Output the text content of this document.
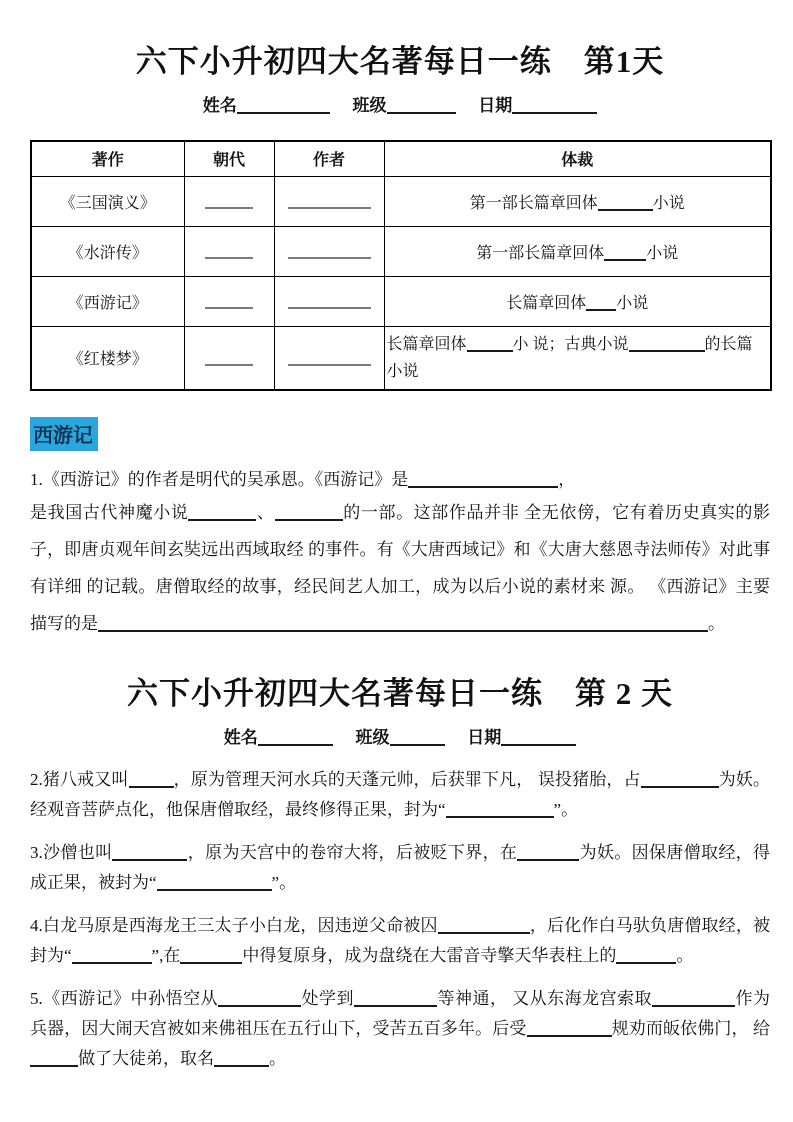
六下小升初四大名著每日一练　第1天
姓名	班级	日期
著作	朝代	作者	体裁
《三国演义》			第一部长篇章回体 小说
《水浒传》			第一部长篇章回体 小说
《西游记》			长篇章回体 小说
《红楼梦》			长篇章回体 小 说；古典小说 的长篇小说
西游记

1.《西游记》的作者是明代的吴承恩。《西游记》是	，

是我国古代神魔小说	、	的一部。这部作品并非 全无依傍，它有着历史真实的影子，即唐贞观年间玄奘远出西域取经 的事件。有《大唐西域记》和《大唐大慈恩寺法师传》对此事有详细 的记载。唐僧取经的故事，经民间艺人加工，成为以后小说的素材来 源。 《西游记》主要描写的是	。

六下小升初四大名著每日一练　第 2 天
姓名	班级	日期

2.猪八戒又叫	，原为管理天河水兵的天蓬元帅，后获罪下凡， 误投猪胎，占	为妖。经观音菩萨点化，他保唐僧取经，最终修得正果，封为“	”。

3.沙僧也叫	，原为天宫中的卷帘大将，后被贬下界，在	为妖。因保唐僧取经，得成正果，被封为“	”。

4.白龙马原是西海龙王三太子小白龙，因违逆父命被囚	，后化作白马驮负唐僧取经，被封为“	”,在	中得复原身，成为盘绕在大雷音寺擎天华表柱上的	。

5.《西游记》中孙悟空从	处学到	等神通， 又从东海龙宫索取	作为兵器，因大闹天宫被如来佛祖压在五行山下，受苦五百多年。后受	规劝而皈依佛门， 给做了大徒弟，取名	。
